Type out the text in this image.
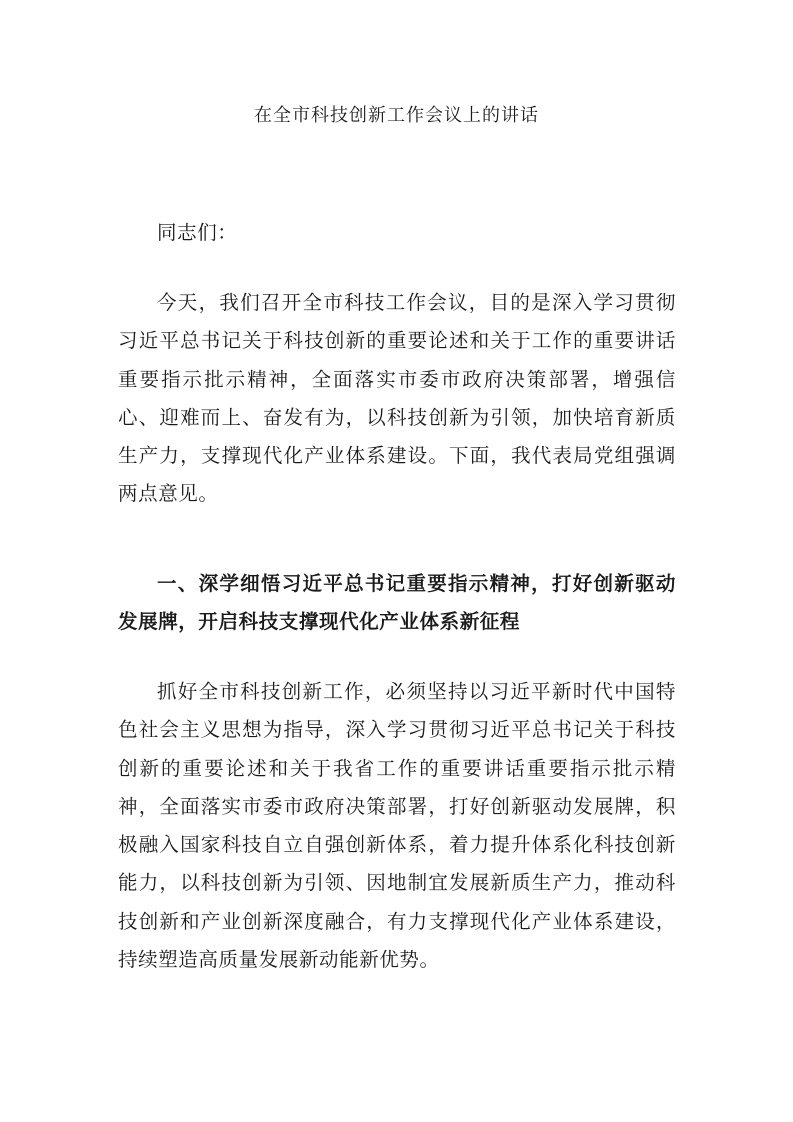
在全市科技创新工作会议上的讲话

同志们：

今天，我们召开全市科技工作会议，目的是深入学习贯彻习近平总书记关于科技创新的重要论述和关于工作的重要讲话重要指示批示精神，全面落实市委市政府决策部署，增强信心、迎难而上、奋发有为，以科技创新为引领，加快培育新质生产力，支撑现代化产业体系建设。下面，我代表局党组强调两点意见。

一、深学细悟习近平总书记重要指示精神，打好创新驱动发展牌，开启科技支撑现代化产业体系新征程

抓好全市科技创新工作，必须坚持以习近平新时代中国特色社会主义思想为指导，深入学习贯彻习近平总书记关于科技创新的重要论述和关于我省工作的重要讲话重要指示批示精神，全面落实市委市政府决策部署，打好创新驱动发展牌，积极融入国家科技自立自强创新体系，着力提升体系化科技创新能力，以科技创新为引领、因地制宜发展新质生产力，推动科技创新和产业创新深度融合，有力支撑现代化产业体系建设，持续塑造高质量发展新动能新优势。
